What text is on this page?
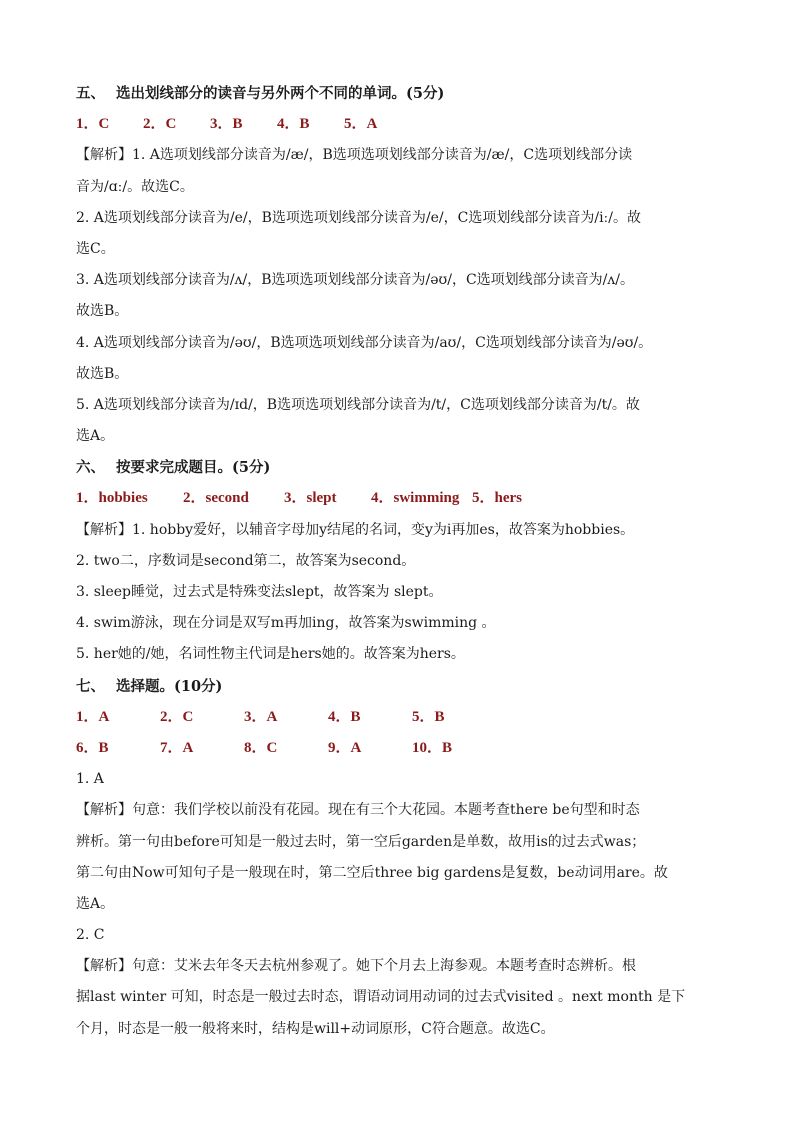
五、 选出划线部分的读音与另外两个不同的单词。(5分)
1．C 2．C 3．B 4．B 5．A
【解析】1. A选项划线部分读音为/æ/，B选项选项划线部分读音为/æ/，C选项划线部分读
音为/ɑː/。故选C。
2. A选项划线部分读音为/e/，B选项选项划线部分读音为/e/，C选项划线部分读音为/iː/。故
选C。
3. A选项划线部分读音为/ʌ/，B选项选项划线部分读音为/əʊ/，C选项划线部分读音为/ʌ/。
故选B。
4. A选项划线部分读音为/əʊ/，B选项选项划线部分读音为/aʊ/，C选项划线部分读音为/əʊ/。
故选B。
5. A选项划线部分读音为/ɪd/，B选项选项划线部分读音为/t/，C选项划线部分读音为/t/。故
选A。
六、 按要求完成题目。(5分)
1．hobbies 2．second 3．slept 4．swimming 5．hers
【解析】1. hobby爱好，以辅音字母加y结尾的名词，变y为i再加es，故答案为hobbies。
2. two二，序数词是second第二，故答案为second。
3. sleep睡觉，过去式是特殊变法slept，故答案为 slept。
4. swim游泳，现在分词是双写m再加ing，故答案为swimming 。
5. her她的/她，名词性物主代词是hers她的。故答案为hers。
七、 选择题。(10分)
1．A	2．C	3．A	4．B	5．B
6．B	7．A	8．C	9．A	10．B
1. A
【解析】句意：我们学校以前没有花园。现在有三个大花园。本题考查there be句型和时态
辨析。第一句由before可知是一般过去时，第一空后garden是单数，故用is的过去式was；
第二句由Now可知句子是一般现在时，第二空后three big gardens是复数，be动词用are。故
选A。
2. C
【解析】句意：艾米去年冬天去杭州参观了。她下个月去上海参观。本题考查时态辨析。根
据last winter 可知，时态是一般过去时态，谓语动词用动词的过去式visited 。next month 是下
个月，时态是一般一般将来时，结构是will+动词原形，C符合题意。故选C。
